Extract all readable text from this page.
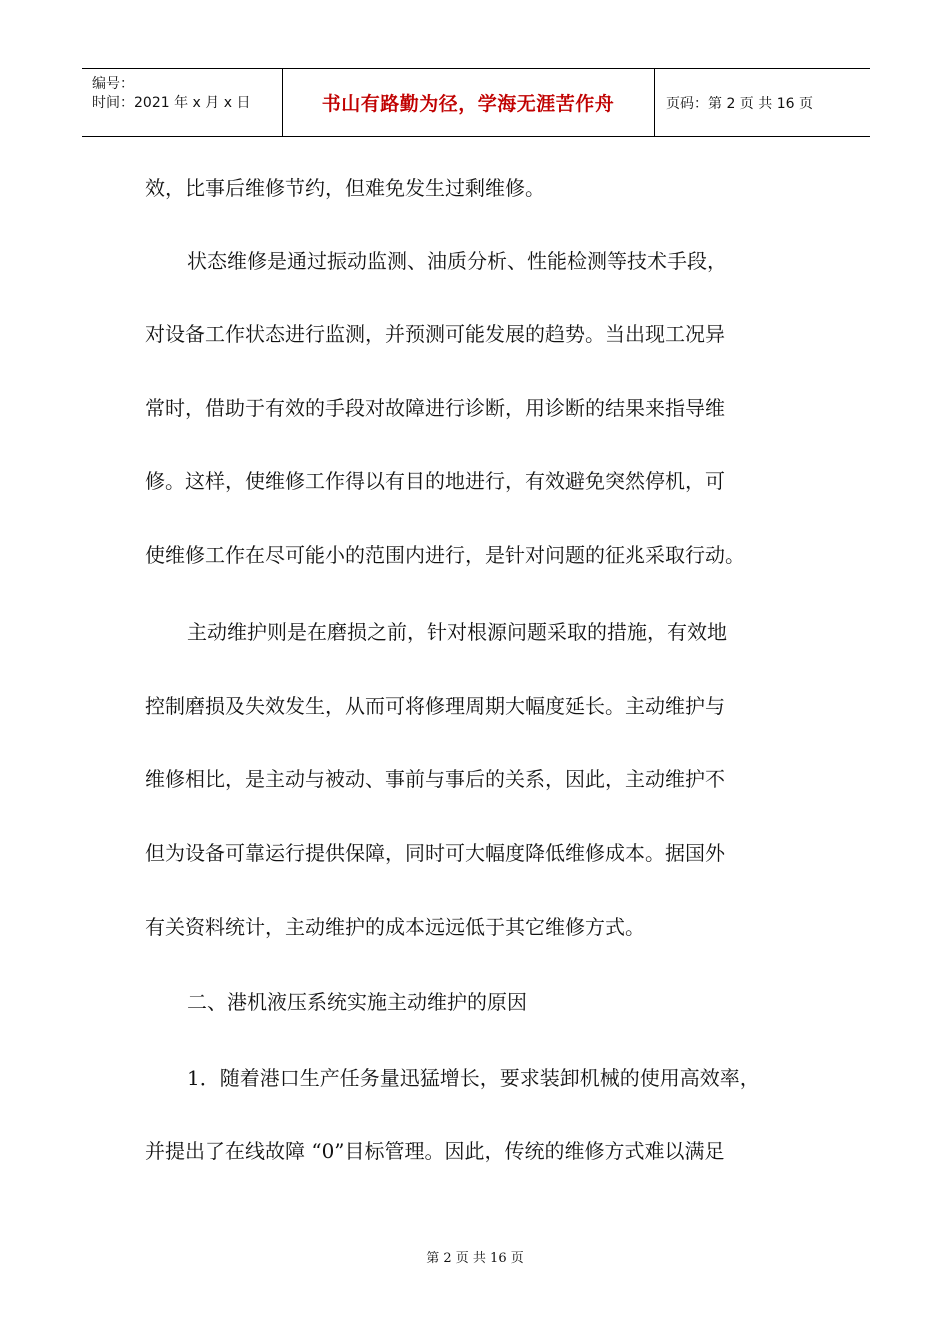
编号：
时间：2021 年 x 月 x 日	书山有路勤为径，学海无涯苦作舟	页码：第 2 页 共 16 页
效，比事后维修节约，但难免发生过剩维修。
状态维修是通过振动监测、油质分析、性能检测等技术手段，
对设备工作状态进行监测，并预测可能发展的趋势。当出现工况异
常时，借助于有效的手段对故障进行诊断，用诊断的结果来指导维
修。这样，使维修工作得以有目的地进行，有效避免突然停机，可
使维修工作在尽可能小的范围内进行，是针对问题的征兆采取行动。
主动维护则是在磨损之前，针对根源问题采取的措施，有效地
控制磨损及失效发生，从而可将修理周期大幅度延长。主动维护与
维修相比，是主动与被动、事前与事后的关系，因此，主动维护不
但为设备可靠运行提供保障，同时可大幅度降低维修成本。据国外
有关资料统计，主动维护的成本远远低于其它维修方式。
二、港机液压系统实施主动维护的原因
1．随着港口生产任务量迅猛增长，要求装卸机械的使用高效率，
并提出了在线故障 “0”目标管理。因此，传统的维修方式难以满足
第 2 页 共 16 页
